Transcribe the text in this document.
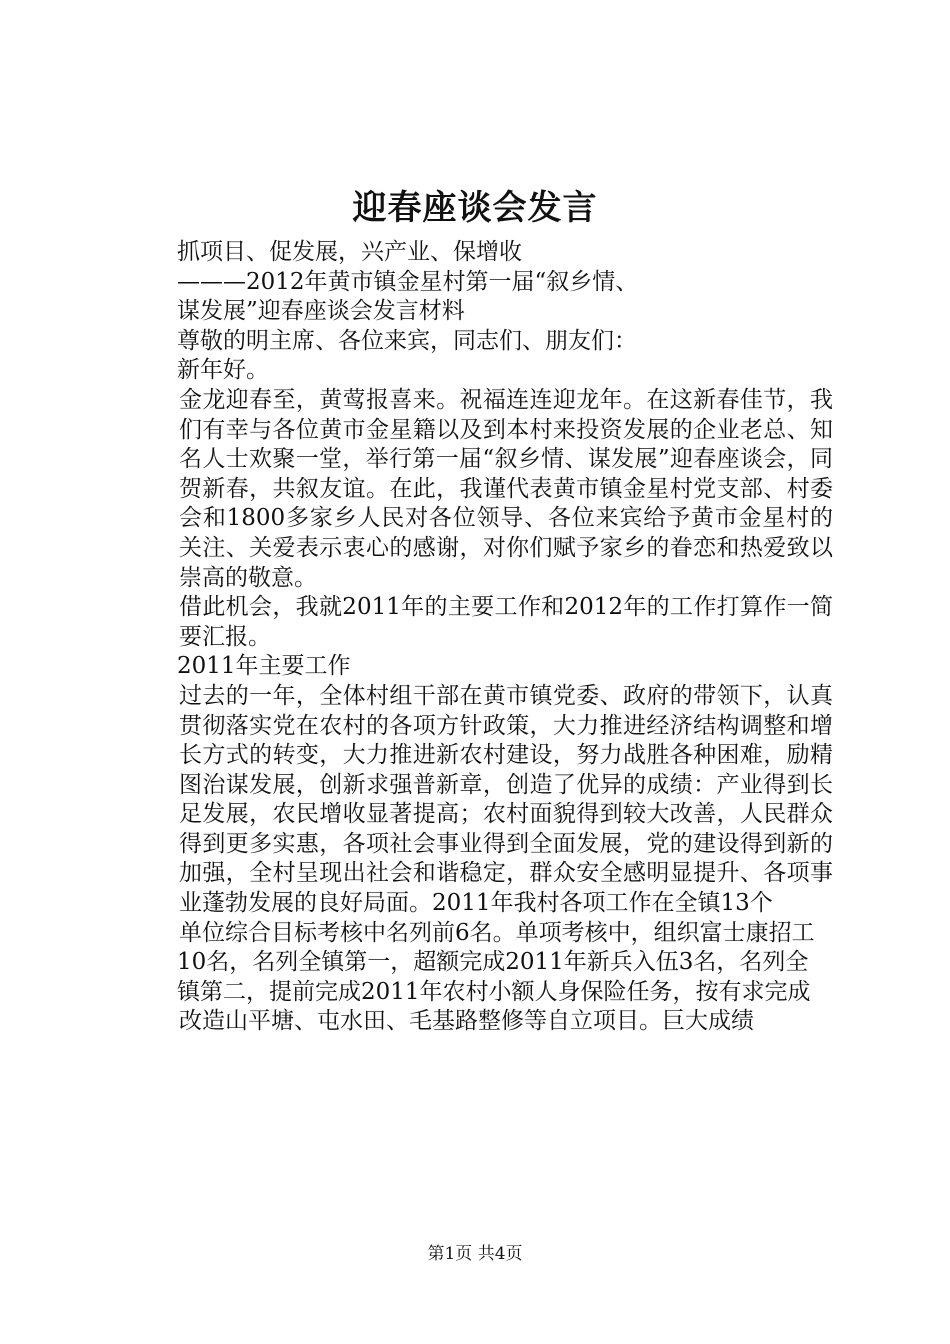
迎春座谈会发言

抓项目、促发展，兴产业、保增收

———2012年黄市镇金星村第一届“叙乡情、

谋发展”迎春座谈会发言材料

尊敬的明主席、各位来宾，同志们、朋友们：

新年好。

金龙迎春至，黄莺报喜来。祝福连连迎龙年。在这新春佳节，我们有幸与各位黄市金星籍以及到本村来投资发展的企业老总、知名人士欢聚一堂，举行第一届“叙乡情、谋发展”迎春座谈会，同贺新春，共叙友谊。在此，我谨代表黄市镇金星村党支部、村委会和1800多家乡人民对各位领导、各位来宾给予黄市金星村的关注、关爱表示衷心的感谢，对你们赋予家乡的眷恋和热爱致以崇高的敬意。

借此机会，我就2011年的主要工作和2012年的工作打算作一简要汇报。

2011年主要工作

过去的一年，全体村组干部在黄市镇党委、政府的带领下，认真贯彻落实党在农村的各项方针政策，大力推进经济结构调整和增长方式的转变，大力推进新农村建设，努力战胜各种困难，励精图治谋发展，创新求强普新章，创造了优异的成绩：产业得到长足发展，农民增收显著提高；农村面貌得到较大改善，人民群众得到更多实惠，各项社会事业得到全面发展，党的建设得到新的加强，全村呈现出社会和谐稳定，群众安全感明显提升、各项事业蓬勃发展的良好局面。2011年我村各项工作在全镇13个

单位综合目标考核中名列前6名。单项考核中，组织富士康招工

10名，名列全镇第一，超额完成2011年新兵入伍3名，名列全

镇第二，提前完成2011年农村小额人身保险任务，按有求完成

改造山平塘、屯水田、毛基路整修等自立项目。巨大成绩

第1页 共4页
